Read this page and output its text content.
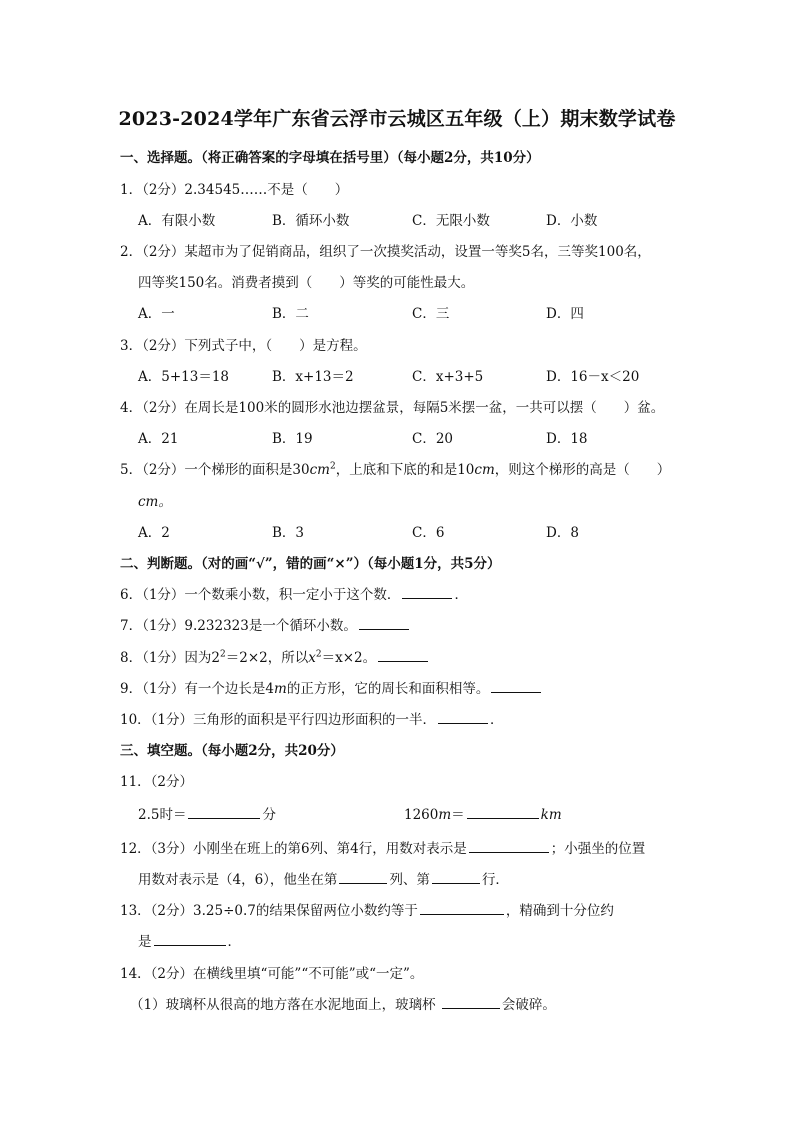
2023-2024学年广东省云浮市云城区五年级（上）期末数学试卷
一、选择题。（将正确答案的字母填在括号里）（每小题2分，共10分）
1．（2分）2.34545……不是（　　）
A．有限小数	B．循环小数	C．无限小数	D．小数
2．（2分）某超市为了促销商品，组织了一次摸奖活动，设置一等奖5名，三等奖100名，
四等奖150名。消费者摸到（　　）等奖的可能性最大。
A．一	B．二	C．三	D．四
3．（2分）下列式子中，（　　）是方程。
A．5+13＝18	B．x+13＝2	C．x+3+5	D．16－x＜20
4．（2分）在周长是100米的圆形水池边摆盆景，每隔5米摆一盆，一共可以摆（　　）盆。
A．21	B．19	C．20	D．18
5．（2分）一个梯形的面积是$30cm^2$，上底和下底的和是10cm，则这个梯形的高是（　　）
cm。
A．2	B．3	C．6	D．8
二、判断题。（对的画“√”，错的画“×”）（每小题1分，共5分）
6．（1分）一个数乘小数，积一定小于这个数．	．
7．（1分）9.232323是一个循环小数。
8．（1分）因为$2^2=2\times 2$，所以$x^2=x\times 2$。
9．（1分）有一个边长是4m的正方形，它的周长和面积相等。
10．（1分）三角形的面积是平行四边形面积的一半．	．
三、填空题。（每小题2分，共20分）
11．（2分）
2.5时＝	分	1260m＝	km
12．（3分）小刚坐在班上的第6列、第4行，用数对表示是	；小强坐的位置
用数对表示是（4，6），他坐在第	列、第	行．
13．（2分）3.25÷0.7的结果保留两位小数约等于	，精确到十分位约
是	．
14．（2分）在横线里填“可能”“不可能”或“一定”。
（1）玻璃杯从很高的地方落在水泥地面上，玻璃杯	会破碎。
